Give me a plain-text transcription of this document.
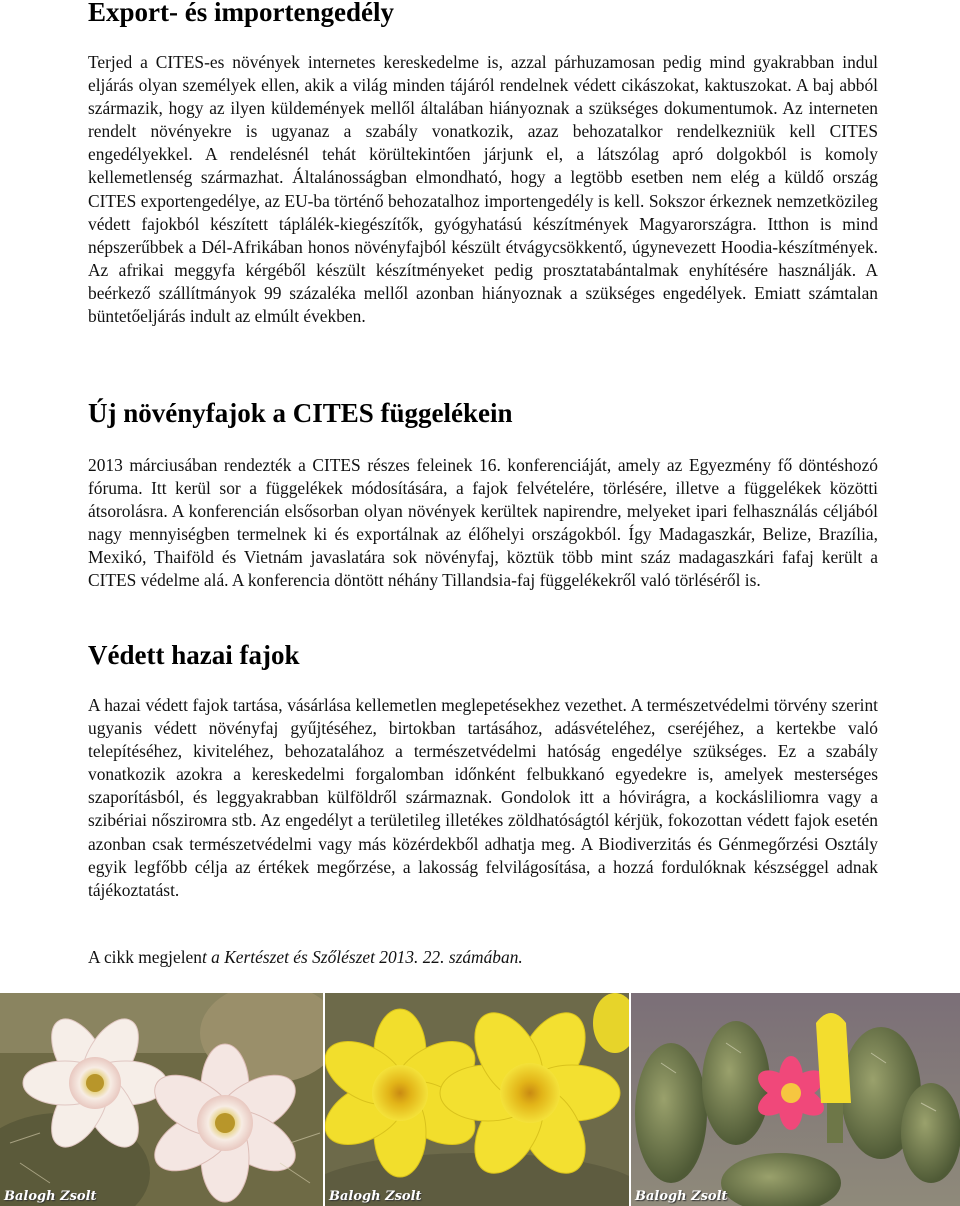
Export- és importengedély

Terjed a CITES-es növények internetes kereskedelme is, azzal párhuzamosan pedig mind gyakrabban indul eljárás olyan személyek ellen, akik a világ minden tájáról rendelnek védett cikászokat, kaktuszokat. A baj abból származik, hogy az ilyen küldemények mellől általában hiányoznak a szükséges dokumentumok. Az interneten rendelt növényekre is ugyanaz a szabály vonatkozik, azaz behozatalkor rendelkezniük kell CITES engedélyekkel. A rendelésnél tehát körültekintően járjunk el, a látszólag apró dolgokból is komoly kellemetlenség származhat. Általánosságban elmondható, hogy a legtöbb esetben nem elég a küldő ország CITES exportengedélye, az EU-ba történő behozatalhoz importengedély is kell. Sokszor érkeznek nemzetközileg védett fajokból készített táplálék-kiegészítők, gyógyhatású készítmények Magyarországra. Itthon is mind népszerűbbek a Dél-Afrikában honos növényfajból készült étvágycsökkentő, úgynevezett Hoodia-készítmények. Az afrikai meggyfa kérgéből készült készítményeket pedig prosztatabántalmak enyhítésére használják. A beérkező szállítmányok 99 százaléka mellől azonban hiányoznak a szükséges engedélyek. Emiatt számtalan büntetőeljárás indult az elmúlt években.

Új növényfajok a CITES függelékein

2013 márciusában rendezték a CITES részes feleinek 16. konferenciáját, amely az Egyezmény fő döntéshozó fóruma. Itt kerül sor a függelékek módosítására, a fajok felvételére, törlésére, illetve a függelékek közötti átsorolásra. A konferencián elsősorban olyan növények kerültek napirendre, melyeket ipari felhasználás céljából nagy mennyiségben termelnek ki és exportálnak az élőhelyi országokból. Így Madagaszkár, Belize, Brazília, Mexikó, Thaiföld és Vietnám javaslatára sok növényfaj, köztük több mint száz madagaszkári fafaj került a CITES védelme alá. A konferencia döntött néhány Tillandsia-faj függelékekről való törléséről is.

Védett hazai fajok

A hazai védett fajok tartása, vásárlása kellemetlen meglepetésekhez vezethet. A természetvédelmi törvény szerint ugyanis védett növényfaj gyűjtéséhez, birtokban tartásához, adásvételéhez, cseréjéhez, a kertekbe való telepítéséhez, kiviteléhez, behozatalához a természetvédelmi hatóság engedélye szükséges. Ez a szabály vonatkozik azokra a kereskedelmi forgalomban időnként felbukkanó egyedekre is, amelyek mesterséges szaporításból, és leggyakrabban külföldről származnak. Gondolok itt a hóvirágra, a kockásliliomra vagy a szibériai nőszirомra stb. Az engedélyt a területileg illetékes zöldhatóságtól kérjük, fokozottan védett fajok esetén azonban csak természetvédelmi vagy más közérdekből adhatja meg. A Biodiverzitás és Génmegőrzési Osztály egyik legfőbb célja az értékek megőrzése, a lakosság felvilágosítása, a hozzá fordulóknak készséggel adnak tájékoztatást.

A cikk megjelent a Kertészet és Szőlészet 2013. 22. számában.

Balogh Zsolt	Balogh Zsolt	Balogh Zsolt
